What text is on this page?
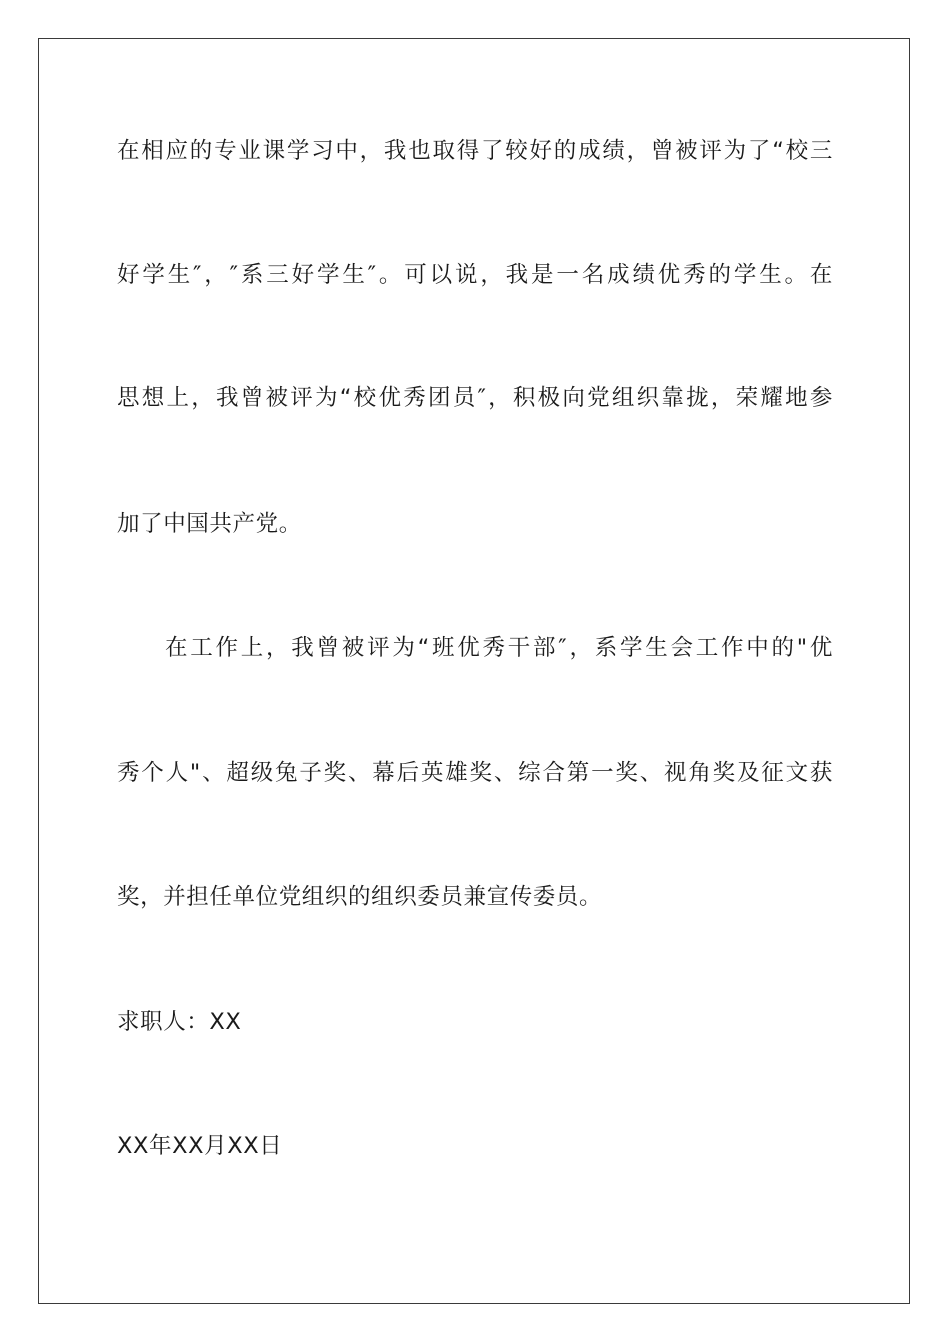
在相应的专业课学习中，我也取得了较好的成绩，曾被评为了“校三
好学生″，″系三好学生″。可以说，我是一名成绩优秀的学生。在
思想上，我曾被评为“校优秀团员″，积极向党组织靠拢，荣耀地参
加了中国共产党。
在工作上，我曾被评为“班优秀干部″，系学生会工作中的"优
秀个人"、超级兔子奖、幕后英雄奖、综合第一奖、视角奖及征文获
奖，并担任单位党组织的组织委员兼宣传委员。
求职人：XX
XX年XX月XX日
